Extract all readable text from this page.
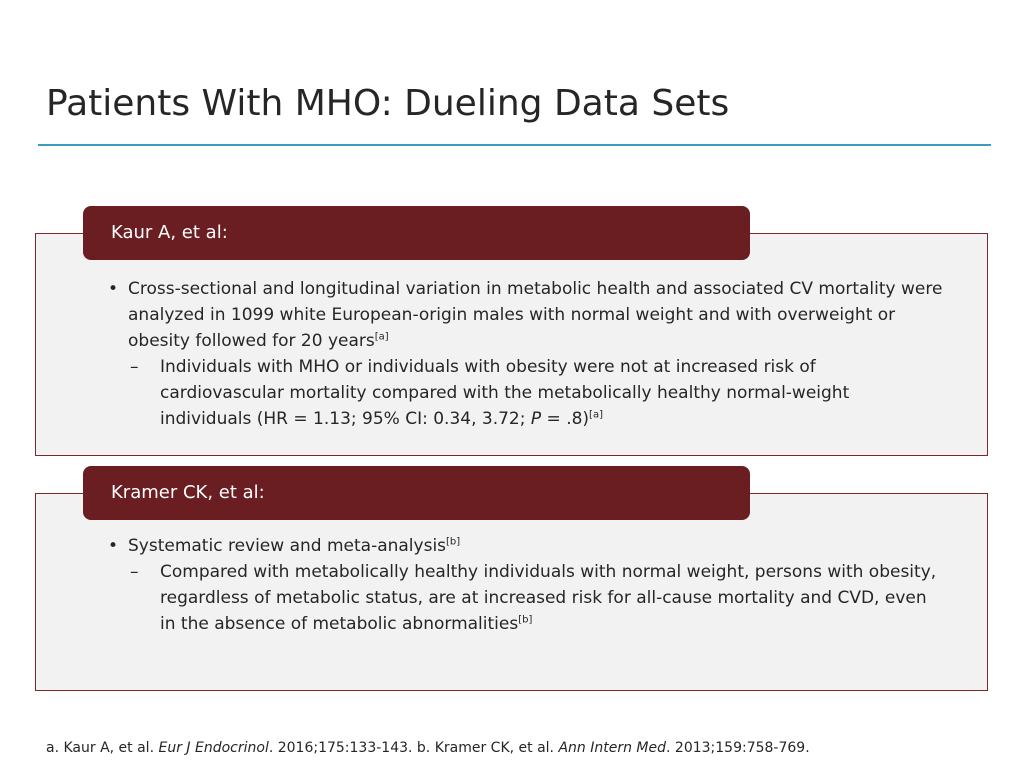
Patients With MHO: Dueling Data Sets
Kaur A, et al:

• Cross-sectional and longitudinal variation in metabolic health and associated CV mortality were analyzed in 1099 white European-origin males with normal weight and with overweight or obesity followed for 20 years[a]

– Individuals with MHO or individuals with obesity were not at increased risk of cardiovascular mortality compared with the metabolically healthy normal-weight individuals (HR = 1.13; 95% CI: 0.34, 3.72; P = .8)[a]

Kramer CK, et al:

• Systematic review and meta-analysis[b]

– Compared with metabolically healthy individuals with normal weight, persons with obesity, regardless of metabolic status, are at increased risk for all-cause mortality and CVD, even in the absence of metabolic abnormalities[b]

a. Kaur A, et al. Eur J Endocrinol. 2016;175:133-143. b. Kramer CK, et al. Ann Intern Med. 2013;159:758-769.
